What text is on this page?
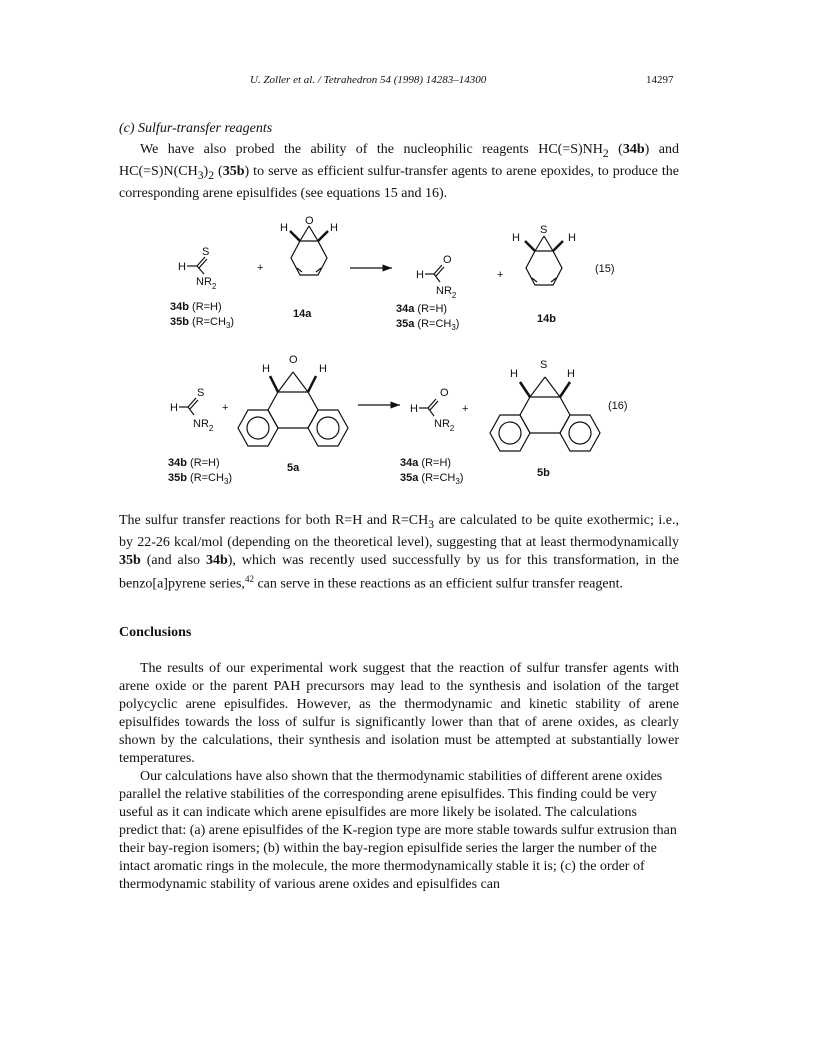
U. Zoller et al. / Tetrahedron 54 (1998) 14283–14300	14297
(c) Sulfur-transfer reagents
We have also probed the ability of the nucleophilic reagents $HC(=S)NH_2$ (34b) and $HC(=S)N(CH_3)_2$ (35b) to serve as efficient sulfur-transfer agents to arene epoxides, to produce the corresponding arene episulfides (see equations 15 and 16).
H
S
$NR_2$
+
O
H	H
H
O
$NR_2$
+
S
H	H
(15)
34b (R=H)
35b $(R=CH_3)$
14a	34a (R=H)
35a $(R=CH_3)$	14b
H
S
$NR_2$
+
O
H	H
H
O
$NR_2$
+
S
H	H
(16)
34b (R=H)
35b $(R=CH_3)$
5a	34a (R=H)
35a $(R=CH_3)$	5b
The sulfur transfer reactions for both R=H and $R=CH_3$ are calculated to be quite exothermic; i.e., by 22-26 kcal/mol (depending on the theoretical level), suggesting that at least thermodynamically 35b (and also 34b), which was recently used successfully by us for this transformation, in the benzo[a]pyrene series,$^{42}$ can serve in these reactions as an efficient sulfur transfer reagent.
Conclusions
The results of our experimental work suggest that the reaction of sulfur transfer agents with arene oxide or the parent PAH precursors may lead to the synthesis and isolation of the target polycyclic arene episulfides. However, as the thermodynamic and kinetic stability of arene episulfides towards the loss of sulfur is significantly lower than that of arene oxides, as clearly shown by the calculations, their synthesis and isolation must be attempted at substantially lower temperatures.
Our calculations have also shown that the thermodynamic stabilities of different arene oxides parallel the relative stabilities of the corresponding arene episulfides. This finding could be very useful as it can indicate which arene episulfides are more likely be isolated. The calculations predict that: (a) arene episulfides of the K-region type are more stable towards sulfur extrusion than their bay-region isomers; (b) within the bay-region episulfide series the larger the number of the intact aromatic rings in the molecule, the more thermodynamically stable it is; (c) the order of thermodynamic stability of various arene oxides and episulfides can
